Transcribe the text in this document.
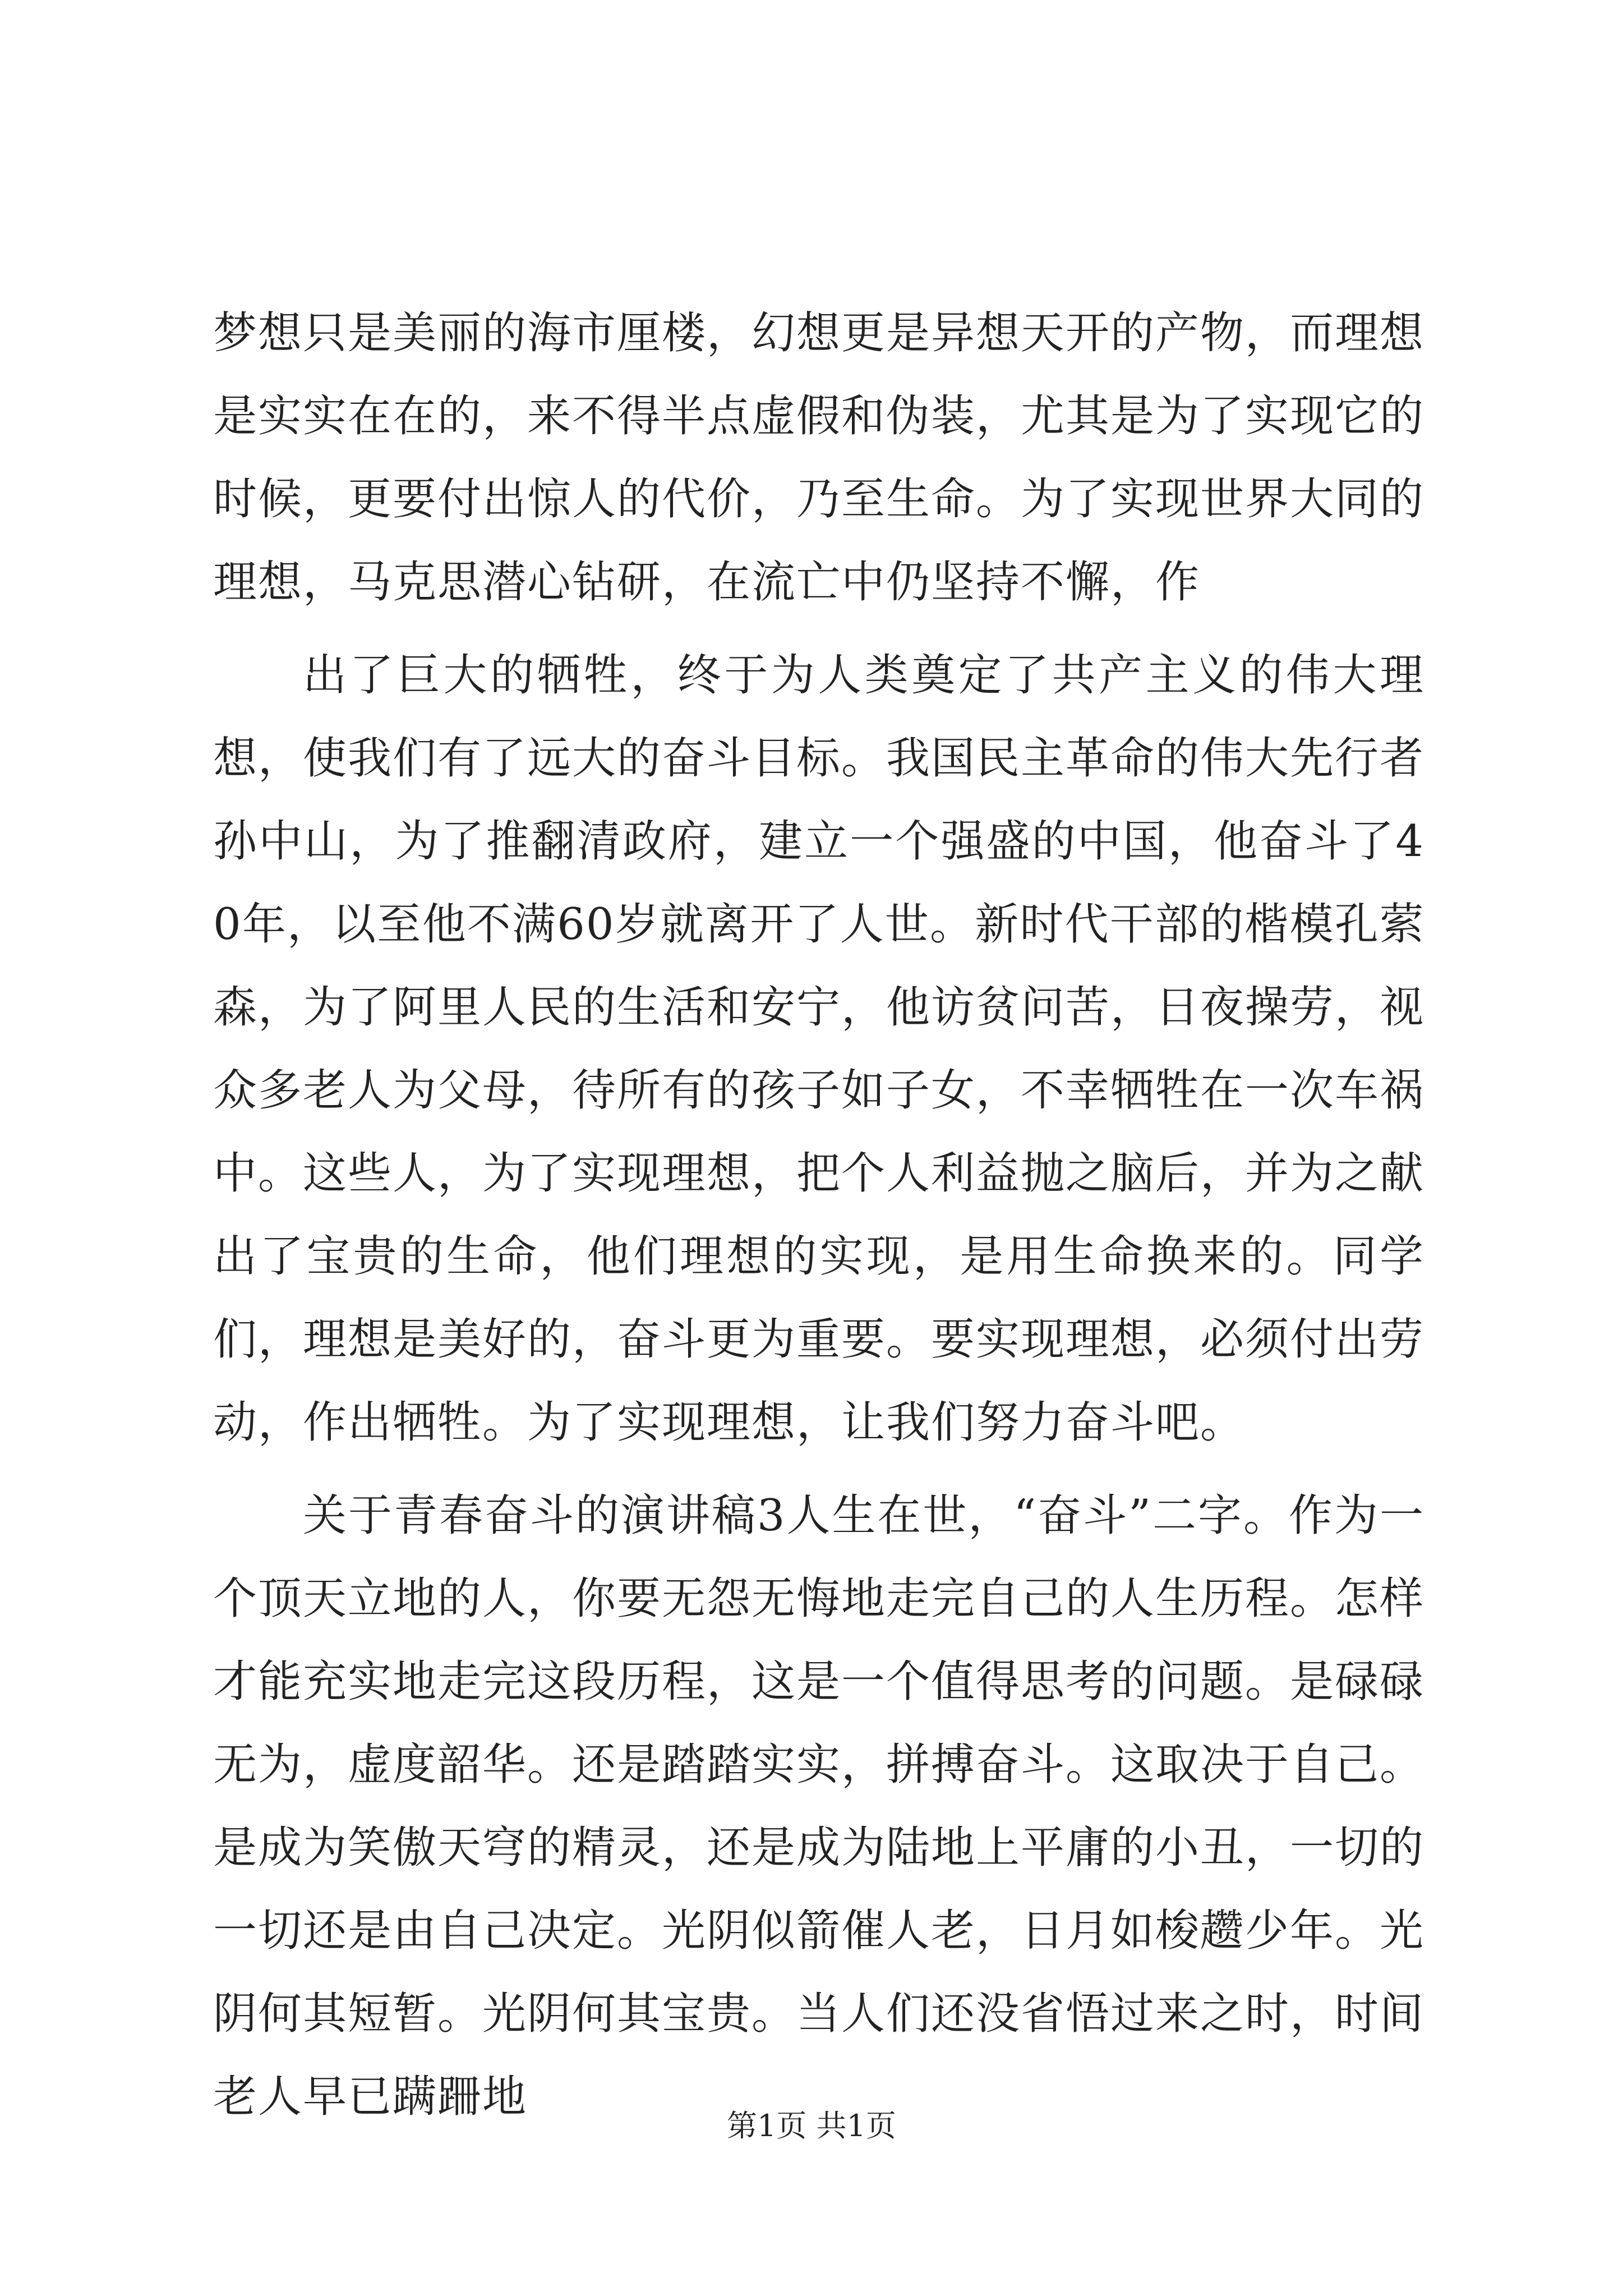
梦想只是美丽的海市厘楼，幻想更是异想天开的产物，而理想是实实在在的，来不得半点虚假和伪装，尤其是为了实现它的时候，更要付出惊人的代价，乃至生命。为了实现世界大同的理想，马克思潜心钻研，在流亡中仍坚持不懈，作

出了巨大的牺牲，终于为人类奠定了共产主义的伟大理想，使我们有了远大的奋斗目标。我国民主革命的伟大先行者孙中山，为了推翻清政府，建立一个强盛的中国，他奋斗了40年，以至他不满60岁就离开了人世。新时代干部的楷模孔萦森，为了阿里人民的生活和安宁，他访贫问苦，日夜操劳，视众多老人为父母，待所有的孩子如子女，不幸牺牲在一次车祸中。这些人，为了实现理想，把个人利益抛之脑后，并为之献出了宝贵的生命，他们理想的实现，是用生命换来的。同学们，理想是美好的，奋斗更为重要。要实现理想，必须付出劳动，作出牺牲。为了实现理想，让我们努力奋斗吧。

关于青春奋斗的演讲稿3人生在世，“奋斗”二字。作为一个顶天立地的人，你要无怨无悔地走完自己的人生历程。怎样才能充实地走完这段历程，这是一个值得思考的问题。是碌碌无为，虚度韶华。还是踏踏实实，拼搏奋斗。这取决于自己。是成为笑傲天穹的精灵，还是成为陆地上平庸的小丑，一切的一切还是由自己决定。光阴似箭催人老，日月如梭趱少年。光阴何其短暂。光阴何其宝贵。当人们还没省悟过来之时，时间老人早已蹒跚地

第1页 共1页
